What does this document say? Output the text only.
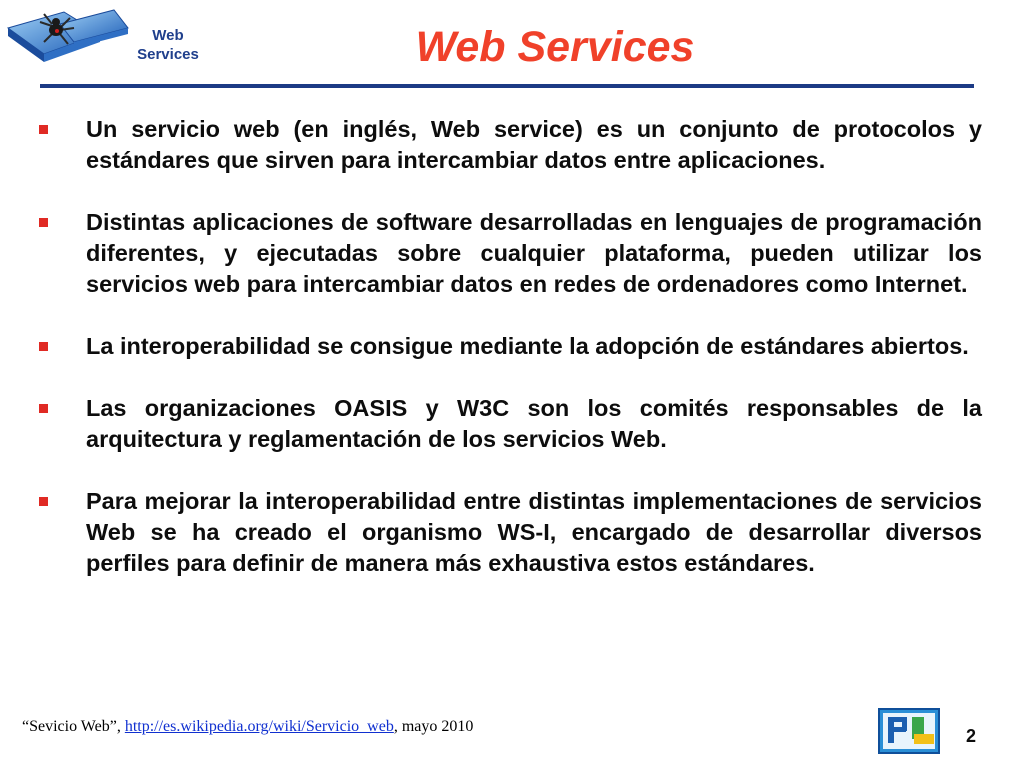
Web
Services	Web Services
Un servicio web (en inglés, Web service) es un conjunto de protocolos y estándares que sirven para intercambiar datos entre aplicaciones.
Distintas aplicaciones de software desarrolladas en lenguajes de programación diferentes, y ejecutadas sobre cualquier plataforma, pueden utilizar los servicios web para intercambiar datos en redes de ordenadores como Internet.
La interoperabilidad se consigue mediante la adopción de estándares abiertos.
Las organizaciones OASIS y W3C son los comités responsables de la arquitectura y reglamentación de los servicios Web.
Para mejorar la interoperabilidad entre distintas implementaciones de servicios Web se ha creado el organismo WS-I, encargado de desarrollar diversos perfiles para definir de manera más exhaustiva estos estándares.
“Sevicio Web”, http://es.wikipedia.org/wiki/Servicio_web, mayo 2010	2
